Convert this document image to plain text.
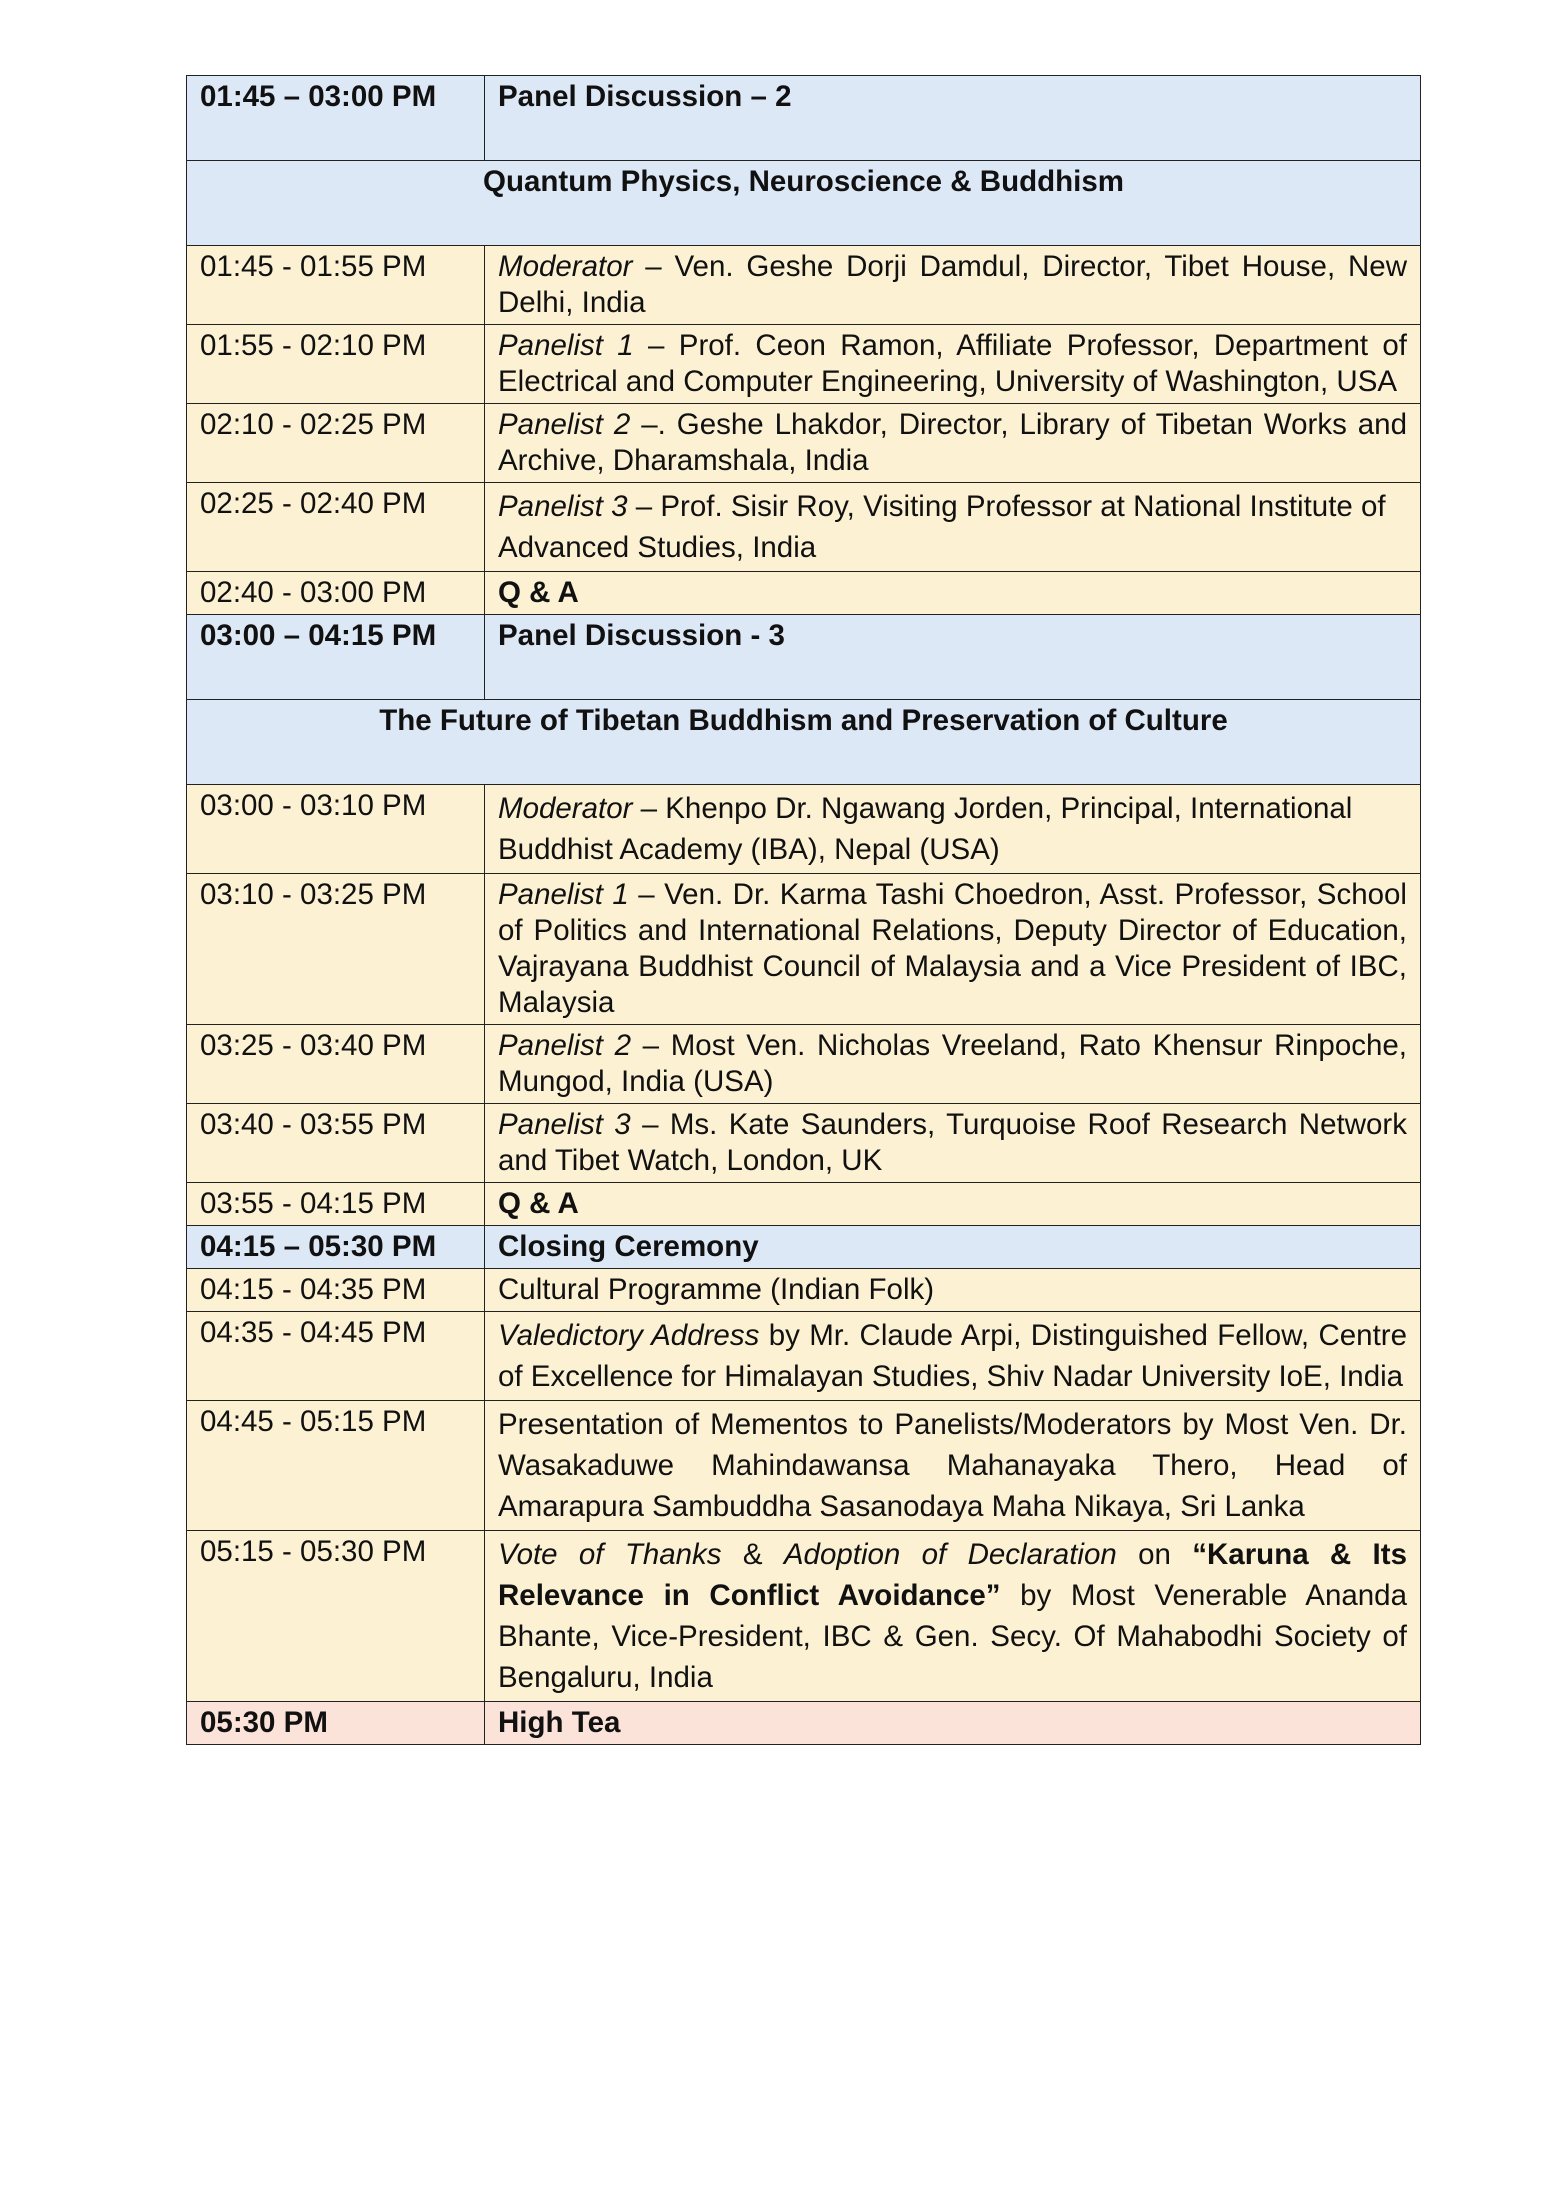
01:45 – 03:00 PM	Panel Discussion – 2
Quantum Physics, Neuroscience & Buddhism	
01:45 - 01:55 PM	Moderator – Ven. Geshe Dorji Damdul, Director, Tibet House, New Delhi, India
01:55 - 02:10 PM	Panelist 1 – Prof. Ceon Ramon, Affiliate Professor, Department of Electrical and Computer Engineering, University of Washington, USA
02:10 - 02:25 PM	Panelist 2 –. Geshe Lhakdor, Director, Library of Tibetan Works and Archive, Dharamshala, India
02:25 - 02:40 PM	Panelist 3 – Prof. Sisir Roy, Visiting Professor at National Institute of Advanced Studies, India
02:40 - 03:00 PM	Q & A
03:00 – 04:15 PM	Panel Discussion - 3
The Future of Tibetan Buddhism and Preservation of Culture	
03:00 - 03:10 PM	Moderator – Khenpo Dr. Ngawang Jorden, Principal, International Buddhist Academy (IBA), Nepal (USA)
03:10 - 03:25 PM	Panelist 1 – Ven. Dr. Karma Tashi Choedron, Asst. Professor, School of Politics and International Relations, Deputy Director of Education, Vajrayana Buddhist Council of Malaysia and a Vice President of IBC, Malaysia
03:25 - 03:40 PM	Panelist 2 – Most Ven. Nicholas Vreeland, Rato Khensur Rinpoche, Mungod, India (USA)
03:40 - 03:55 PM	Panelist 3 – Ms. Kate Saunders, Turquoise Roof Research Network and Tibet Watch, London, UK
03:55 - 04:15 PM	Q & A
04:15 – 05:30 PM	Closing Ceremony
04:15 - 04:35 PM	Cultural Programme (Indian Folk)
04:35 - 04:45 PM	Valedictory Address by Mr. Claude Arpi, Distinguished Fellow, Centre of Excellence for Himalayan Studies, Shiv Nadar University IoE, India
04:45 - 05:15 PM	Presentation of Mementos to Panelists/Moderators by Most Ven. Dr. Wasakaduwe Mahindawansa Mahanayaka Thero, Head of Amarapura Sambuddha Sasanodaya Maha Nikaya, Sri Lanka
05:15 - 05:30 PM	Vote of Thanks & Adoption of Declaration on “Karuna & Its Relevance in Conflict Avoidance” by Most Venerable Ananda Bhante, Vice-President, IBC & Gen. Secy. Of Mahabodhi Society of Bengaluru, India
05:30 PM	High Tea
